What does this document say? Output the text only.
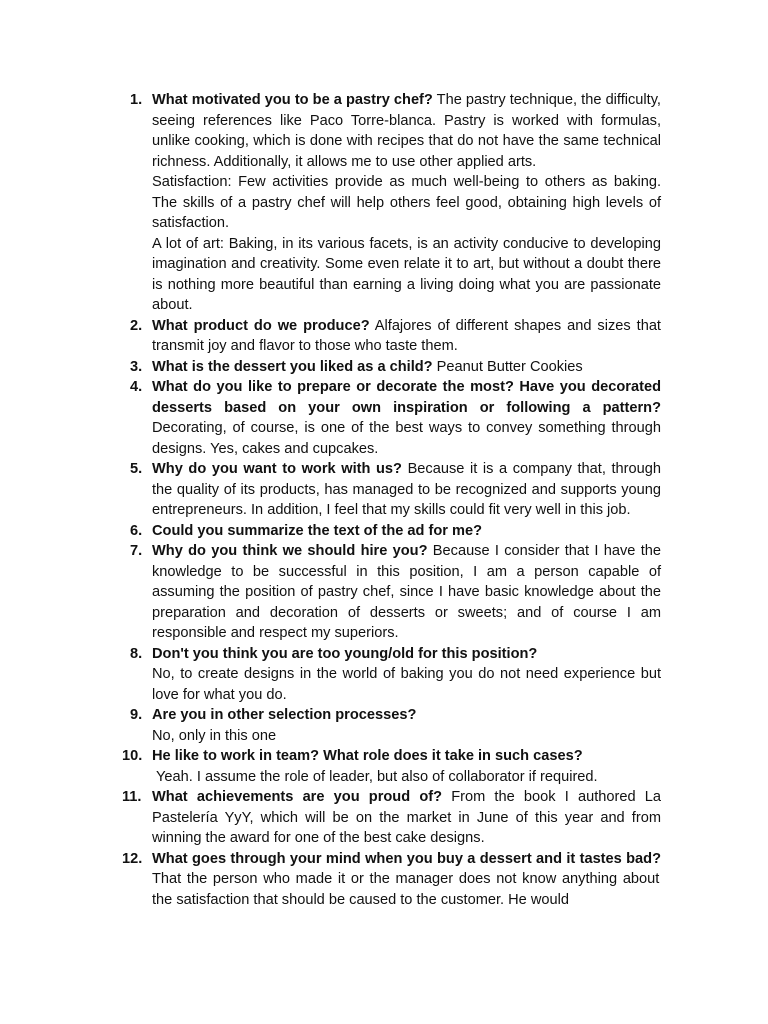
1. What motivated you to be a pastry chef? The pastry technique, the difficulty, seeing references like Paco Torre-blanca. Pastry is worked with formulas, unlike cooking, which is done with recipes that do not have the same technical richness. Additionally, it allows me to use other applied arts.
Satisfaction: Few activities provide as much well-being to others as baking. The skills of a pastry chef will help others feel good, obtaining high levels of satisfaction.
A lot of art: Baking, in its various facets, is an activity conducive to developing imagination and creativity. Some even relate it to art, but without a doubt there is nothing more beautiful than earning a living doing what you are passionate about.
2. What product do we produce? Alfajores of different shapes and sizes that transmit joy and flavor to those who taste them.
3. What is the dessert you liked as a child? Peanut Butter Cookies
4. What do you like to prepare or decorate the most? Have you decorated desserts based on your own inspiration or following a pattern? Decorating, of course, is one of the best ways to convey something through designs. Yes, cakes and cupcakes.
5. Why do you want to work with us? Because it is a company that, through the quality of its products, has managed to be recognized and supports young entrepreneurs. In addition, I feel that my skills could fit very well in this job.
6. Could you summarize the text of the ad for me?
7. Why do you think we should hire you? Because I consider that I have the knowledge to be successful in this position, I am a person capable of assuming the position of pastry chef, since I have basic knowledge about the preparation and decoration of desserts or sweets; and of course I am responsible and respect my superiors.
8. Don't you think you are too young/old for this position?
No, to create designs in the world of baking you do not need experience but love for what you do.
9. Are you in other selection processes?
No, only in this one
10. He like to work in team? What role does it take in such cases?
Yeah. I assume the role of leader, but also of collaborator if required.
11. What achievements are you proud of? From the book I authored La Pastelería YyY, which will be on the market in June of this year and from winning the award for one of the best cake designs.
12. What goes through your mind when you buy a dessert and it tastes bad? That the person who made it or the manager does not know anything about the satisfaction that should be caused to the customer. He would
